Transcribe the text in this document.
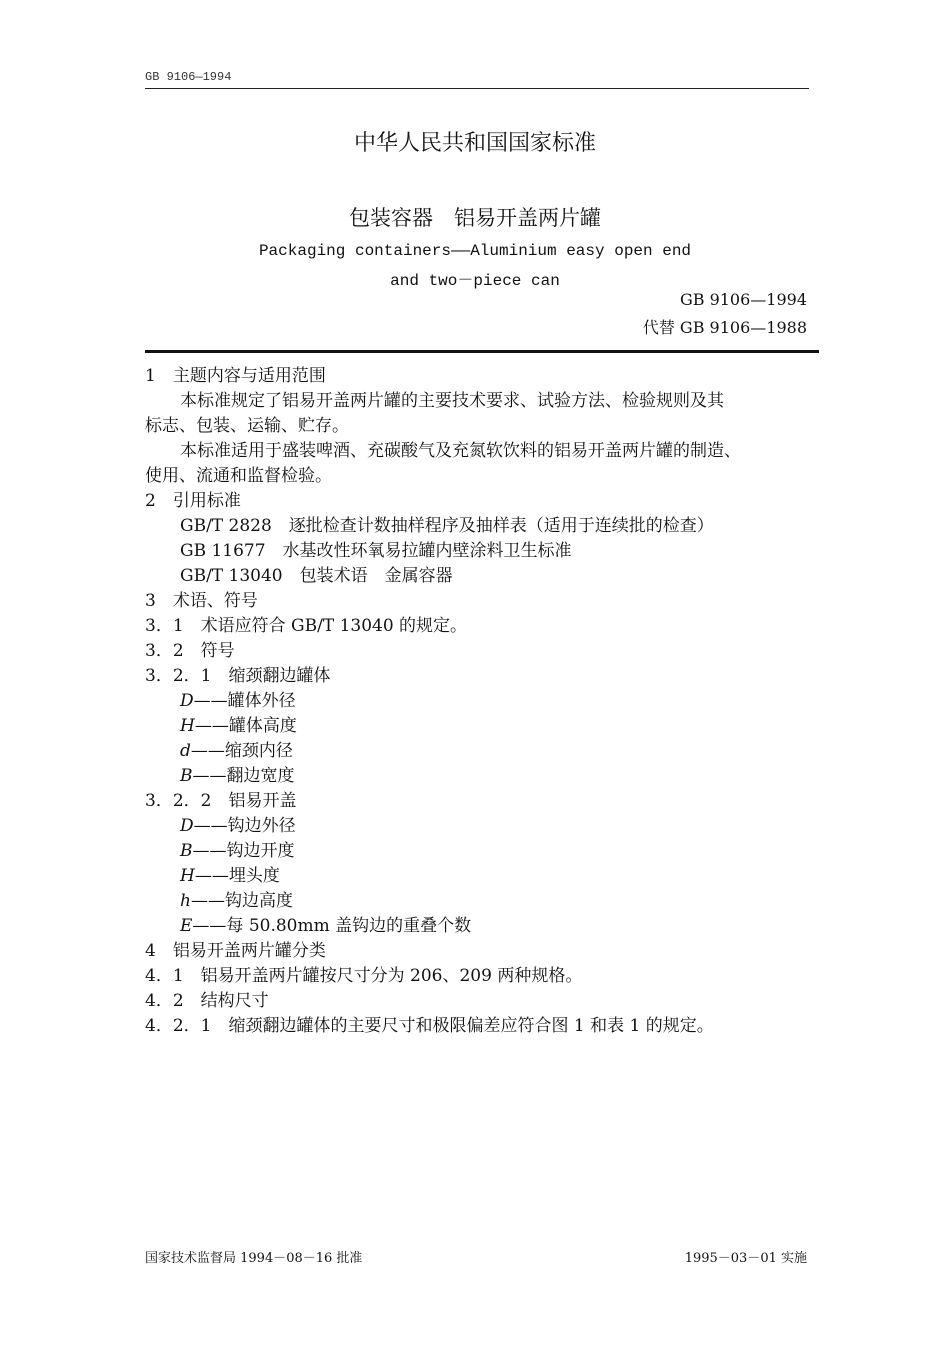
GB 9106—1994
中华人民共和国国家标准
包装容器　铝易开盖两片罐
Packaging containers——Aluminium easy open end
and two－piece can
GB 9106—1994
代替 GB 9106—1988
1　主题内容与适用范围
本标准规定了铝易开盖两片罐的主要技术要求、试验方法、检验规则及其
标志、包装、运输、贮存。
本标准适用于盛装啤酒、充碳酸气及充氮软饮料的铝易开盖两片罐的制造、
使用、流通和监督检验。
2　引用标准
GB/T 2828　逐批检查计数抽样程序及抽样表（适用于连续批的检查）
GB 11677　水基改性环氧易拉罐内壁涂料卫生标准
GB/T 13040　包装术语　金属容器
3　术语、符号
3．1　术语应符合 GB/T 13040 的规定。
3．2　符号
3．2．1　缩颈翻边罐体
D——罐体外径
H——罐体高度
d——缩颈内径
B——翻边宽度
3．2．2　铝易开盖
D——钩边外径
B——钩边开度
H——埋头度
h——钩边高度
E——每 50.80mm 盖钩边的重叠个数
4　铝易开盖两片罐分类
4．1　铝易开盖两片罐按尺寸分为 206、209 两种规格。
4．2　结构尺寸
4．2．1　缩颈翻边罐体的主要尺寸和极限偏差应符合图 1 和表 1 的规定。
国家技术监督局 1994－08－16 批准	1995－03－01 实施
